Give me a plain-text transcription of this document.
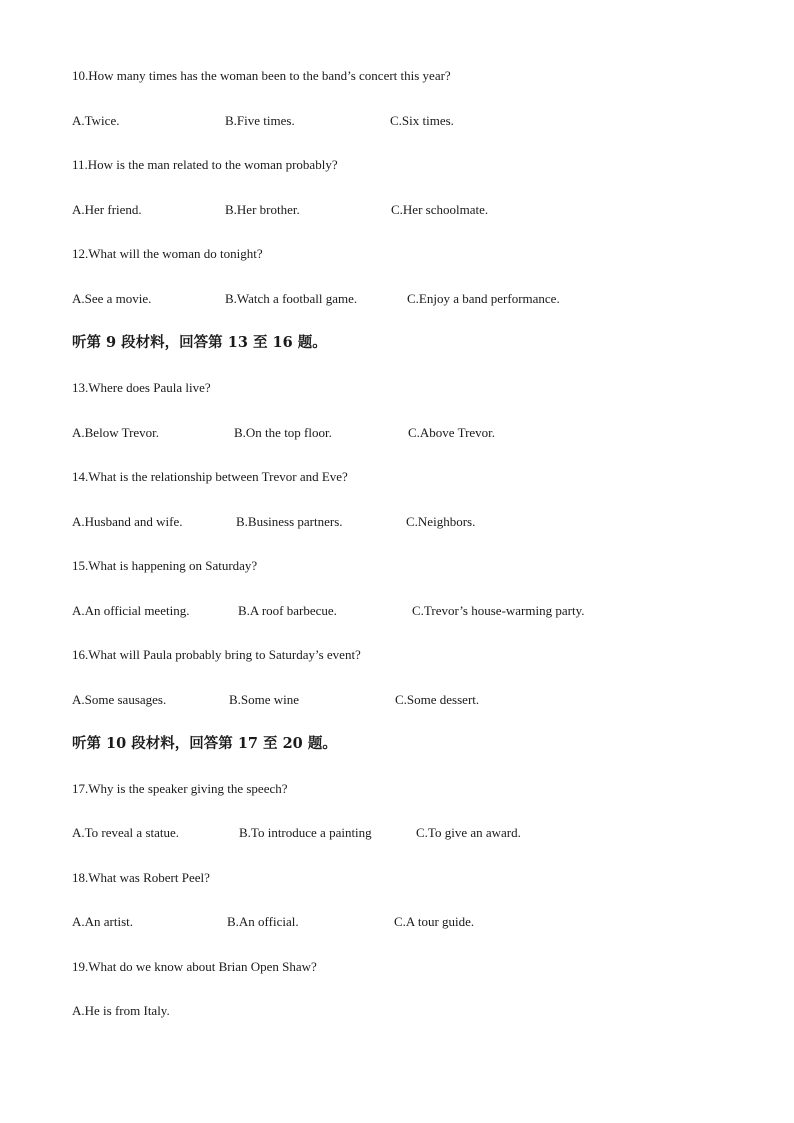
10.How many times has the woman been to the band’s concert this year?
A.Twice.	B.Five times.	C.Six times.
11.How is the man related to the woman probably?
A.Her friend.	B.Her brother.	C.Her schoolmate.
12.What will the woman do tonight?
A.See a movie.	B.Watch a football game.	C.Enjoy a band performance.
听第 9 段材料，回答第 13 至 16 题。
13.Where does Paula live?
A.Below Trevor.	B.On the top floor.	C.Above Trevor.
14.What is the relationship between Trevor and Eve?
A.Husband and wife.	B.Business partners.	C.Neighbors.
15.What is happening on Saturday?
A.An official meeting.	B.A roof barbecue.	C.Trevor’s house-warming party.
16.What will Paula probably bring to Saturday’s event?
A.Some sausages.	B.Some wine	C.Some dessert.
听第 10 段材料，回答第 17 至 20 题。
17.Why is the speaker giving the speech?
A.To reveal a statue.	B.To introduce a painting	C.To give an award.
18.What was Robert Peel?
A.An artist.	B.An official.	C.A tour guide.
19.What do we know about Brian Open Shaw?
A.He is from Italy.
